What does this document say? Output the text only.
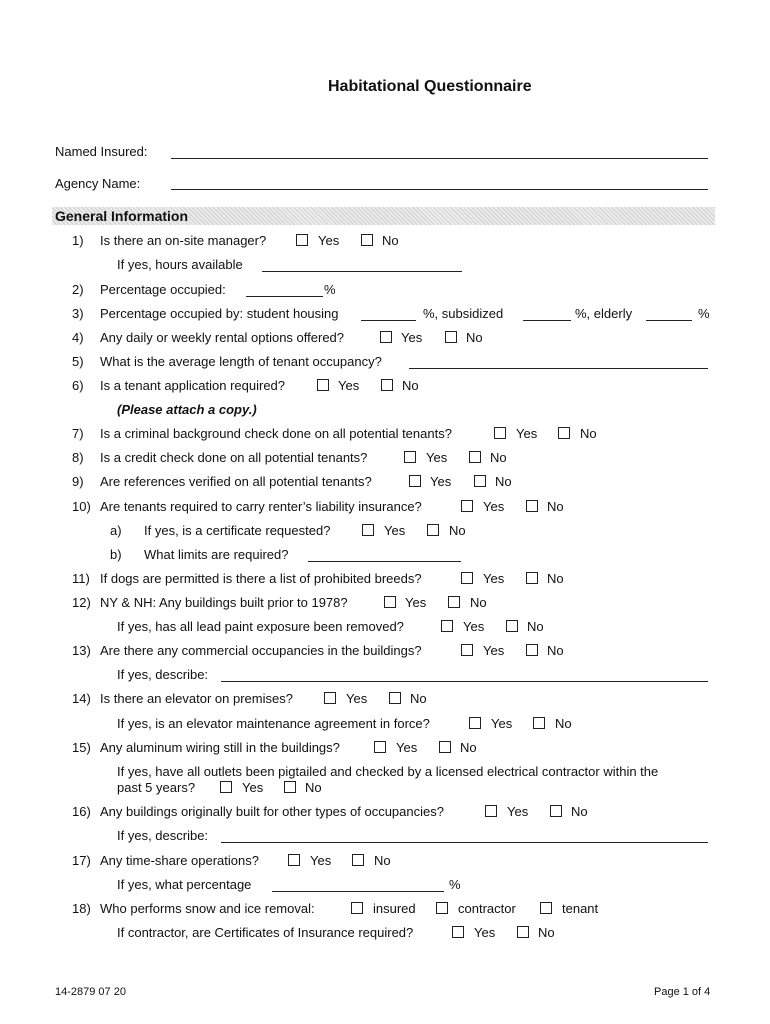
Habitational Questionnaire
Named Insured:
Agency Name:
General Information
1) Is there an on-site manager?	Yes	No
If yes, hours available
2) Percentage occupied:	%
3) Percentage occupied by: student housing	%, subsidized	%, elderly	%
4) Any daily or weekly rental options offered?	Yes	No
5) What is the average length of tenant occupancy?
6) Is a tenant application required?	Yes	No
(Please attach a copy.)
7) Is a criminal background check done on all potential tenants?	Yes	No
8) Is a credit check done on all potential tenants?	Yes	No
9) Are references verified on all potential tenants?	Yes	No
10) Are tenants required to carry renter’s liability insurance?	Yes	No
a) If yes, is a certificate requested?	Yes	No
b) What limits are required?
11) If dogs are permitted is there a list of prohibited breeds?	Yes	No
12) NY & NH: Any buildings built prior to 1978?	Yes	No
If yes, has all lead paint exposure been removed?	Yes	No
13) Are there any commercial occupancies in the buildings?	Yes	No
If yes, describe:
14) Is there an elevator on premises?	Yes	No
If yes, is an elevator maintenance agreement in force?	Yes	No
15) Any aluminum wiring still in the buildings?	Yes	No
If yes, have all outlets been pigtailed and checked by a licensed electrical contractor within the
past 5 years?	Yes	No
16) Any buildings originally built for other types of occupancies?	Yes	No
If yes, describe:
17) Any time-share operations?	Yes	No
If yes, what percentage	%
18) Who performs snow and ice removal:	insured	contractor	tenant
If contractor, are Certificates of Insurance required?	Yes	No
14-2879 07 20	Page 1 of 4
